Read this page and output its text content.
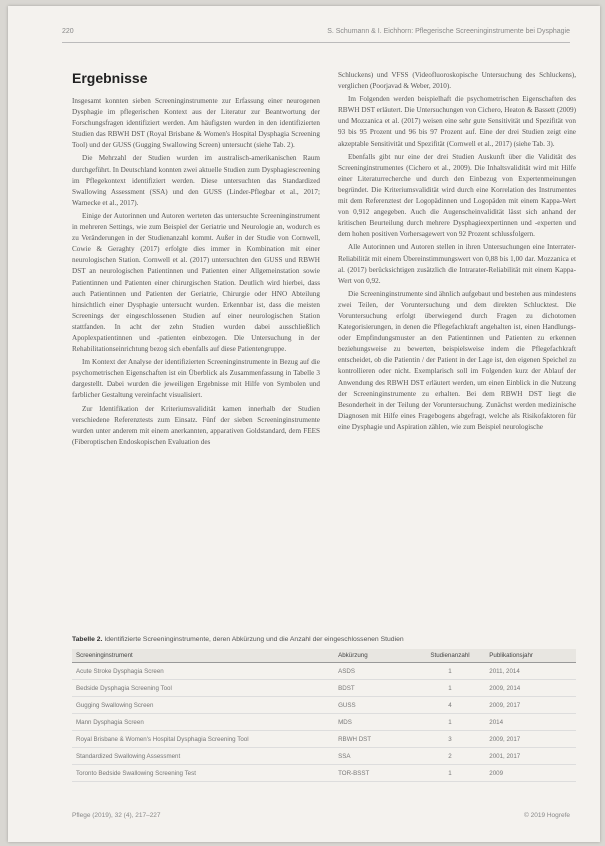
220	S. Schumann & I. Eichhorn: Pflegerische Screeninginstrumente bei Dysphagie
Ergebnisse

Insgesamt konnten sieben Screeninginstrumente zur Erfassung einer neurogenen Dysphagie im pflegerischen Kontext aus der Literatur zur Beantwortung der Forschungsfragen identifiziert werden. Am häufigsten wurden in den identifizierten Studien das RBWH DST (Royal Brisbane & Women's Hospital Dysphagia Screening Tool) und der GUSS (Gugging Swallowing Screen) untersucht (siehe Tab. 2).

Die Mehrzahl der Studien wurden im australisch-amerikanischen Raum durchgeführt. In Deutschland konnten zwei aktuelle Studien zum Dysphagiescreening im Pflegekontext identifiziert werden. Diese untersuchten das Standardized Swallowing Assessment (SSA) und den GUSS (Linder-Pflegbar et al., 2017; Warnecke et al., 2017).

Einige der Autorinnen und Autoren werteten das untersuchte Screeninginstrument in mehreren Settings, wie zum Beispiel der Geriatrie und Neurologie an, wodurch es zu Veränderungen in der Studienanzahl kommt. Außer in der Studie von Cornwell, Cowie & Geraghty (2017) erfolgte dies immer in Kombination mit einer neurologischen Station. Cornwell et al. (2017) untersuchten den GUSS und RBWH DST an neurologischen Patientinnen und Patienten einer Allgemeinstation sowie Patientinnen und Patienten einer chirurgischen Station. Deutlich wird hierbei, dass auch Patientinnen und Patienten der Geriatrie, Chirurgie oder HNO Abteilung hinsichtlich einer Dysphagie untersucht wurden. Erkennbar ist, dass die meisten Screenings der eingeschlossenen Studien auf einer neurologischen Station stattfanden. In acht der zehn Studien wurden dabei ausschließlich Apoplexpatientinnen und -patienten einbezogen. Die Untersuchung in der Rehabilitationseinrichtung bezog sich ebenfalls auf diese Patientengruppe.

Im Kontext der Analyse der identifizierten Screeninginstrumente in Bezug auf die psychometrischen Eigenschaften ist ein Überblick als Zusammenfassung in Tabelle 3 dargestellt. Dabei wurden die jeweiligen Ergebnisse mit Hilfe von Symbolen und farblicher Gestaltung vereinfacht visualisiert.

Zur Identifikation der Kriteriumsvalidität kamen innerhalb der Studien verschiedene Referenztests zum Einsatz. Fünf der sieben Screeninginstrumente wurden unter anderem mit einem anerkannten, apparativen Goldstandard, dem FEES (Fiberoptischen Endoskopischen Evaluation des

Schluckens) und VFSS (Videofluoroskopische Untersuchung des Schluckens), verglichen (Poorjavad & Weber, 2010).

Im Folgenden werden beispielhaft die psychometrischen Eigenschaften des RBWH DST erläutert. Die Untersuchungen von Cichero, Heaton & Bassett (2009) und Mozzanica et al. (2017) weisen eine sehr gute Sensitivität und Spezifität von 93 bis 95 Prozent und 96 bis 97 Prozent auf. Eine der drei Studien zeigt eine akzeptable Sensitivität und Spezifität (Cornwell et al., 2017) (siehe Tab. 3).

Ebenfalls gibt nur eine der drei Studien Auskunft über die Validität des Screeninginstrumentes (Cichero et al., 2009). Die Inhaltsvalidität wird mit Hilfe einer Literaturrecherche und durch den Einbezug von Expertenmeinungen begründet. Die Kriteriumsvalidität wird durch eine Korrelation des Instrumentes mit dem Referenztest der Logopädinnen und Logopäden mit einem Kappa-Wert von 0,912 angegeben. Auch die Augenscheinvalidität lässt sich anhand der kritischen Beurteilung durch mehrere Dysphagieexpertinnen und -experten und dem hohen positiven Vorhersagewert von 92 Prozent schlussfolgern.

Alle Autorinnen und Autoren stellen in ihren Untersuchungen eine Interrater-Reliabilität mit einem Übereinstimmungswert von 0,88 bis 1,00 dar. Mozzanica et al. (2017) berücksichtigen zusätzlich die Intrarater-Reliabilität mit einem Kappa-Wert von 0,92.

Die Screeninginstrumente sind ähnlich aufgebaut und bestehen aus mindestens zwei Teilen, der Voruntersuchung und dem direkten Schlucktest. Die Voruntersuchung erfolgt überwiegend durch Fragen zu dichotomen Kategorisierungen, in denen die Pflegefachkraft angehalten ist, einen Handlungs- oder Empfindungsmuster an den Patientinnen und Patienten zu erkennen beziehungsweise zu bewerten, beispielsweise indem die Pflegefachkraft entscheidet, ob die Patientin / der Patient in der Lage ist, den eigenen Speichel zu kontrollieren oder nicht. Exemplarisch soll im Folgenden kurz der Ablauf der Anwendung des RBWH DST erläutert werden, um einen Einblick in die Nutzung der Screeninginstrumente zu erhalten. Bei dem RBWH DST liegt die Besonderheit in der Teilung der Voruntersuchung. Zunächst werden medizinische Diagnosen mit Hilfe eines Fragebogens abgefragt, welche als Risikofaktoren für eine Dysphagie und Aspiration zählen, wie zum Beispiel neurologische

Tabelle 2. Identifizierte Screeninginstrumente, deren Abkürzung und die Anzahl der eingeschlossenen Studien
Screeninginstrument	Abkürzung	Studienanzahl	Publikationsjahr
Acute Stroke Dysphagia Screen	ASDS	1	2011, 2014
Bedside Dysphagia Screening Tool	BDST	1	2009, 2014
Gugging Swallowing Screen	GUSS	4	2009, 2017
Mann Dysphagia Screen	MDS	1	2014
Royal Brisbane & Women's Hospital Dysphagia Screening Tool	RBWH DST	3	2009, 2017
Standardized Swallowing Assessment	SSA	2	2001, 2017
Toronto Bedside Swallowing Screening Test	TOR-BSST	1	2009
Pflege (2019), 32 (4), 217–227	© 2019 Hogrefe
